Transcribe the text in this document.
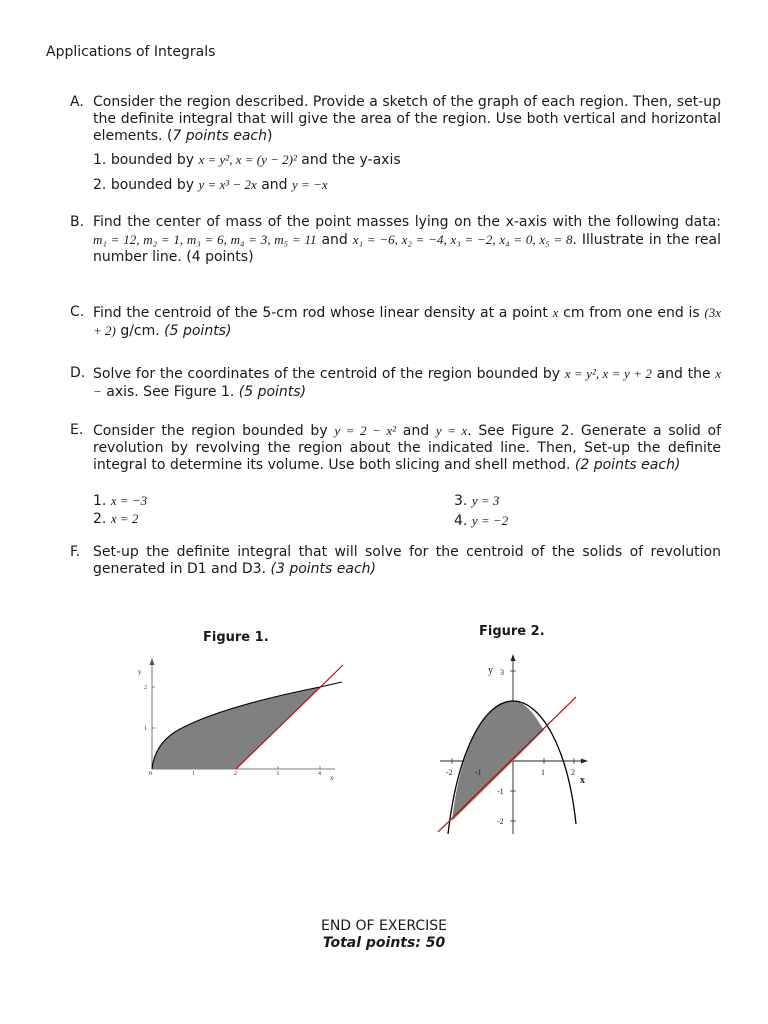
Applications of Integrals
A. Consider the region described. Provide a sketch of the graph of each region. Then, set-up the definite integral that will give the area of the region. Use both vertical and horizontal elements. (7 points each)
1. bounded by x = y², x = (y − 2)² and the y-axis
2. bounded by y = x³ − 2x and y = −x
B. Find the center of mass of the point masses lying on the x-axis with the following data: m₁ = 12, m₂ = 1, m₃ = 6, m₄ = 3, m₅ = 11 and x₁ = −6, x₂ = −4, x₃ = −2, x₄ = 0, x₅ = 8. Illustrate in the real number line. (4 points)
C. Find the centroid of the 5-cm rod whose linear density at a point x cm from one end is (3x + 2) g/cm. (5 points)
D. Solve for the coordinates of the centroid of the region bounded by x = y², x = y + 2 and the x − axis. See Figure 1. (5 points)
E. Consider the region bounded by y = 2 − x² and y = x. See Figure 2. Generate a solid of revolution by revolving the region about the indicated line. Then, Set-up the definite integral to determine its volume. Use both slicing and shell method. (2 points each)
1. x = −3
2. x = 2
3. y = 3
4. y = −2
F. Set-up the definite integral that will solve for the centroid of the solids of revolution generated in D1 and D3. (3 points each)
Figure 1.	Figure 2.
y
x
0	1	2	3	4
1
2
y 3
x
-2	-1	1	2
-1
-2
END OF EXERCISE
Total points: 50
